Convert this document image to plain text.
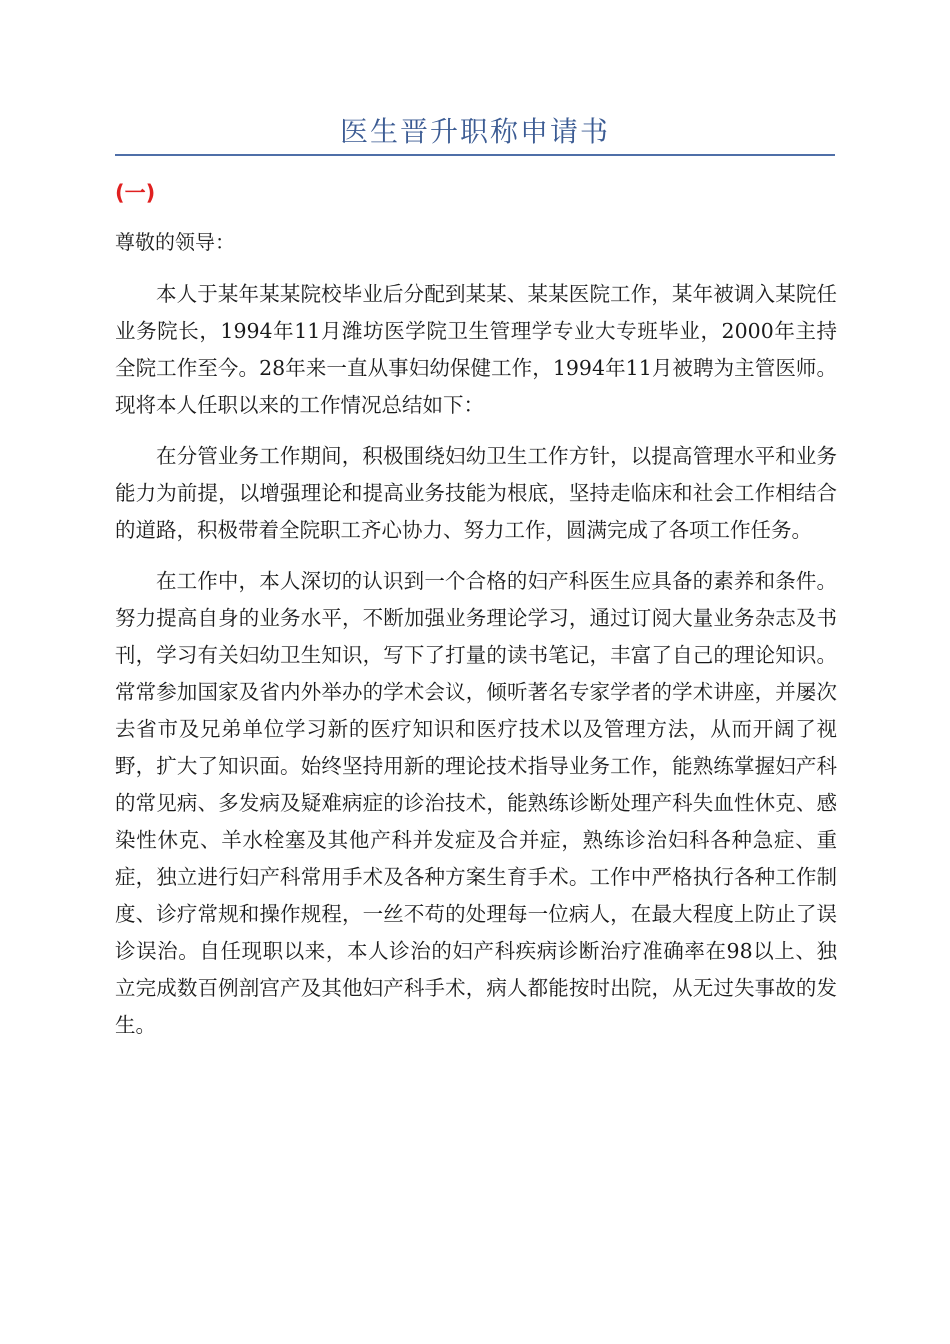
医生晋升职称申请书
(一)
尊敬的领导：

本人于某年某某院校毕业后分配到某某、某某医院工作，某年被调入某院任业务院长，1994年11月潍坊医学院卫生管理学专业大专班毕业，2000年主持全院工作至今。28年来一直从事妇幼保健工作，1994年11月被聘为主管医师。现将本人任职以来的工作情况总结如下：

在分管业务工作期间，积极围绕妇幼卫生工作方针，以提高管理水平和业务能力为前提，以增强理论和提高业务技能为根底，坚持走临床和社会工作相结合的道路，积极带着全院职工齐心协力、努力工作，圆满完成了各项工作任务。

在工作中，本人深切的认识到一个合格的妇产科医生应具备的素养和条件。努力提高自身的业务水平，不断加强业务理论学习，通过订阅大量业务杂志及书刊，学习有关妇幼卫生知识，写下了打量的读书笔记，丰富了自己的理论知识。常常参加国家及省内外举办的学术会议，倾听著名专家学者的学术讲座，并屡次去省市及兄弟单位学习新的医疗知识和医疗技术以及管理方法，从而开阔了视野，扩大了知识面。始终坚持用新的理论技术指导业务工作，能熟练掌握妇产科的常见病、多发病及疑难病症的诊治技术，能熟练诊断处理产科失血性休克、感染性休克、羊水栓塞及其他产科并发症及合并症，熟练诊治妇科各种急症、重症，独立进行妇产科常用手术及各种方案生育手术。工作中严格执行各种工作制度、诊疗常规和操作规程，一丝不苟的处理每一位病人，在最大程度上防止了误诊误治。自任现职以来，本人诊治的妇产科疾病诊断治疗准确率在98以上、独立完成数百例剖宫产及其他妇产科手术，病人都能按时出院，从无过失事故的发生。
